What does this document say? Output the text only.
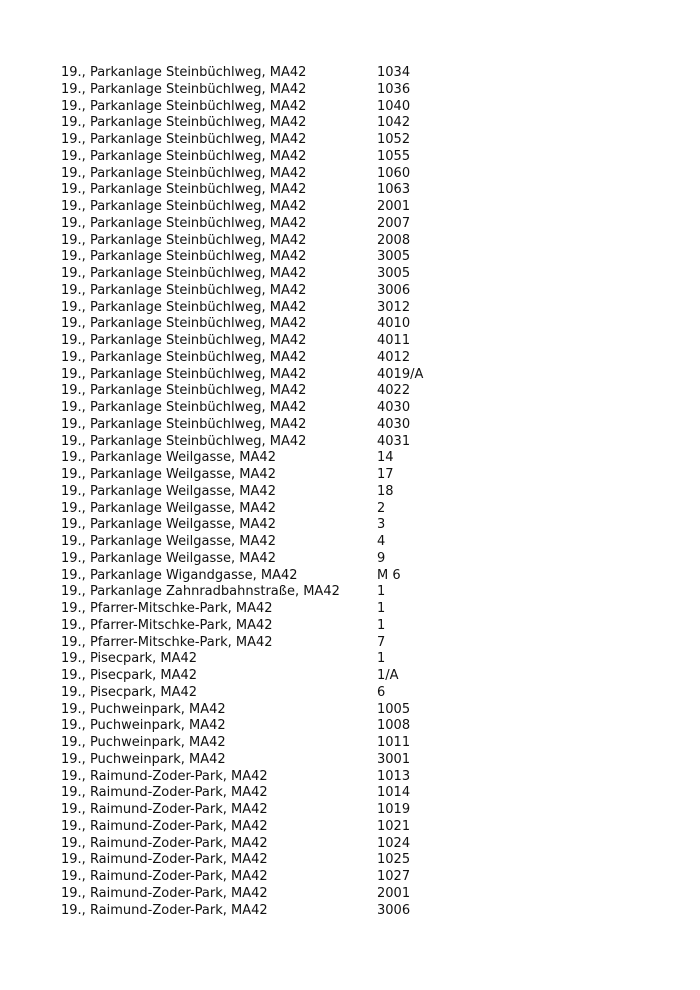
19., Parkanlage Steinbüchlweg, MA42	1034
19., Parkanlage Steinbüchlweg, MA42	1036
19., Parkanlage Steinbüchlweg, MA42	1040
19., Parkanlage Steinbüchlweg, MA42	1042
19., Parkanlage Steinbüchlweg, MA42	1052
19., Parkanlage Steinbüchlweg, MA42	1055
19., Parkanlage Steinbüchlweg, MA42	1060
19., Parkanlage Steinbüchlweg, MA42	1063
19., Parkanlage Steinbüchlweg, MA42	2001
19., Parkanlage Steinbüchlweg, MA42	2007
19., Parkanlage Steinbüchlweg, MA42	2008
19., Parkanlage Steinbüchlweg, MA42	3005
19., Parkanlage Steinbüchlweg, MA42	3005
19., Parkanlage Steinbüchlweg, MA42	3006
19., Parkanlage Steinbüchlweg, MA42	3012
19., Parkanlage Steinbüchlweg, MA42	4010
19., Parkanlage Steinbüchlweg, MA42	4011
19., Parkanlage Steinbüchlweg, MA42	4012
19., Parkanlage Steinbüchlweg, MA42	4019/A
19., Parkanlage Steinbüchlweg, MA42	4022
19., Parkanlage Steinbüchlweg, MA42	4030
19., Parkanlage Steinbüchlweg, MA42	4030
19., Parkanlage Steinbüchlweg, MA42	4031
19., Parkanlage Weilgasse, MA42	14
19., Parkanlage Weilgasse, MA42	17
19., Parkanlage Weilgasse, MA42	18
19., Parkanlage Weilgasse, MA42	2
19., Parkanlage Weilgasse, MA42	3
19., Parkanlage Weilgasse, MA42	4
19., Parkanlage Weilgasse, MA42	9
19., Parkanlage Wigandgasse, MA42	M 6
19., Parkanlage Zahnradbahnstraße, MA42	1
19., Pfarrer-Mitschke-Park, MA42	1
19., Pfarrer-Mitschke-Park, MA42	1
19., Pfarrer-Mitschke-Park, MA42	7
19., Pisecpark, MA42	1
19., Pisecpark, MA42	1/A
19., Pisecpark, MA42	6
19., Puchweinpark, MA42	1005
19., Puchweinpark, MA42	1008
19., Puchweinpark, MA42	1011
19., Puchweinpark, MA42	3001
19., Raimund-Zoder-Park, MA42	1013
19., Raimund-Zoder-Park, MA42	1014
19., Raimund-Zoder-Park, MA42	1019
19., Raimund-Zoder-Park, MA42	1021
19., Raimund-Zoder-Park, MA42	1024
19., Raimund-Zoder-Park, MA42	1025
19., Raimund-Zoder-Park, MA42	1027
19., Raimund-Zoder-Park, MA42	2001
19., Raimund-Zoder-Park, MA42	3006
